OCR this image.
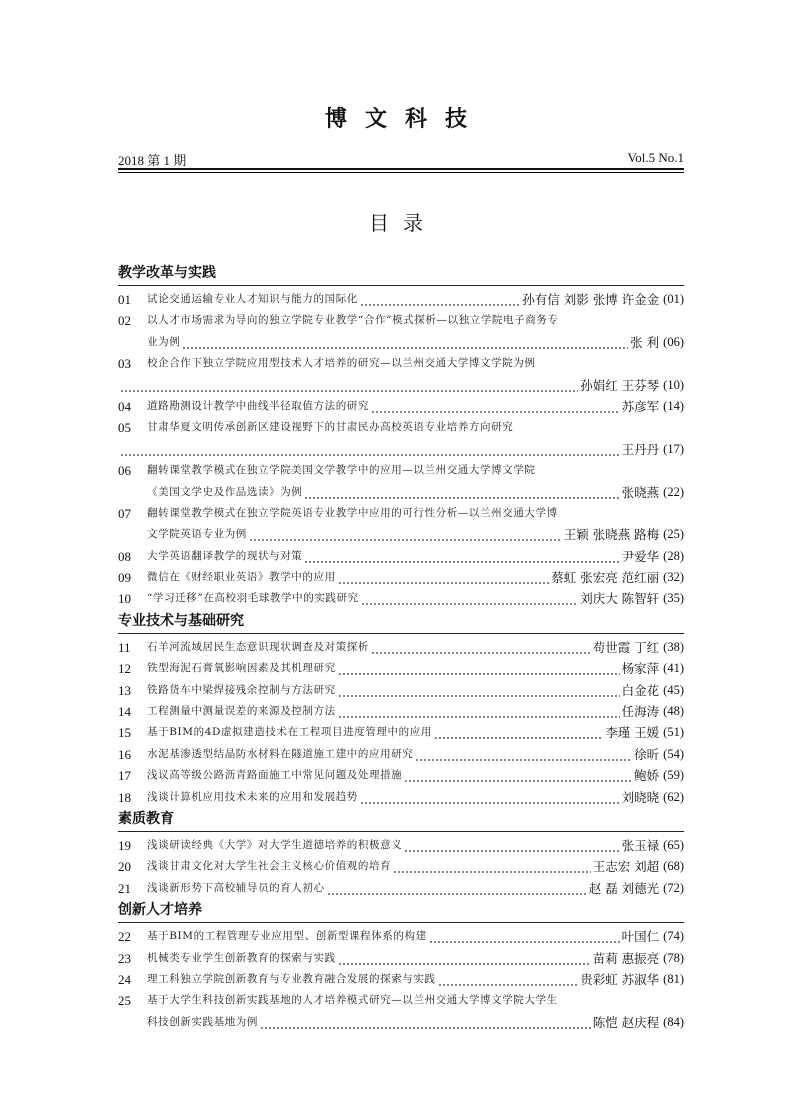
博文科技
2018 第 1 期	Vol.5 No.1
目录
教学改革与实践
01	试论交通运输专业人才知识与能力的国际化	孙有信 刘影 张博 许金金 (01)
02	以人才市场需求为导向的独立学院专业教学“合作”模式探析—以独立学院电子商务专
业为例	张 利 (06)
03	校企合作下独立学院应用型技术人才培养的研究—以兰州交通大学博文学院为例
孙娟红 王芬琴 (10)
04	道路勘测设计教学中曲线半径取值方法的研究	苏彦军 (14)
05	甘肃华夏文明传承创新区建设视野下的甘肃民办高校英语专业培养方向研究
王丹丹 (17)
06	翻转课堂教学模式在独立学院美国文学教学中的应用—以兰州交通大学博文学院
《美国文学史及作品选读》为例	张晓燕 (22)
07	翻转课堂教学模式在独立学院英语专业教学中应用的可行性分析—以兰州交通大学博
文学院英语专业为例	王颖 张晓燕 路梅 (25)
08	大学英语翻译教学的现状与对策	尹爱华 (28)
09	微信在《财经职业英语》教学中的应用	蔡虹 张宏亮 范红丽 (32)
10	“学习迁移”在高校羽毛球教学中的实践研究	刘庆大 陈智轩 (35)
专业技术与基础研究
11	石羊河流域居民生态意识现状调查及对策探析	苟世霞 丁红 (38)
12	铁型海泥石膏氧影响因素及其机理研究	杨家萍 (41)
13	铁路货车中梁焊接残余控制与方法研究	白金花 (45)
14	工程测量中测量误差的来源及控制方法	任海涛 (48)
15	基于BIM的4D虚拟建造技术在工程项目进度管理中的应用	李瑾 王媛 (51)
16	水泥基渗透型结晶防水材料在隧道施工建中的应用研究	徐昕 (54)
17	浅议高等级公路沥青路面施工中常见问题及处理措施	鲍娇 (59)
18	浅谈计算机应用技术未来的应用和发展趋势	刘晓晓 (62)
素质教育
19	浅谈研读经典《大学》对大学生道德培养的积极意义	张玉禄 (65)
20	浅谈甘肃文化对大学生社会主义核心价值观的培育	王志宏 刘超 (68)
21	浅谈新形势下高校辅导员的育人初心	赵 磊 刘德光 (72)
创新人才培养
22	基于BIM的工程管理专业应用型、创新型课程体系的构建	叶国仁 (74)
23	机械类专业学生创新教育的探索与实践	苗莉 惠振亮 (78)
24	理工科独立学院创新教育与专业教育融合发展的探索与实践	贵彩虹 苏淑华 (81)
25	基于大学生科技创新实践基地的人才培养模式研究—以兰州交通大学博文学院大学生
科技创新实践基地为例	陈恺 赵庆程 (84)
